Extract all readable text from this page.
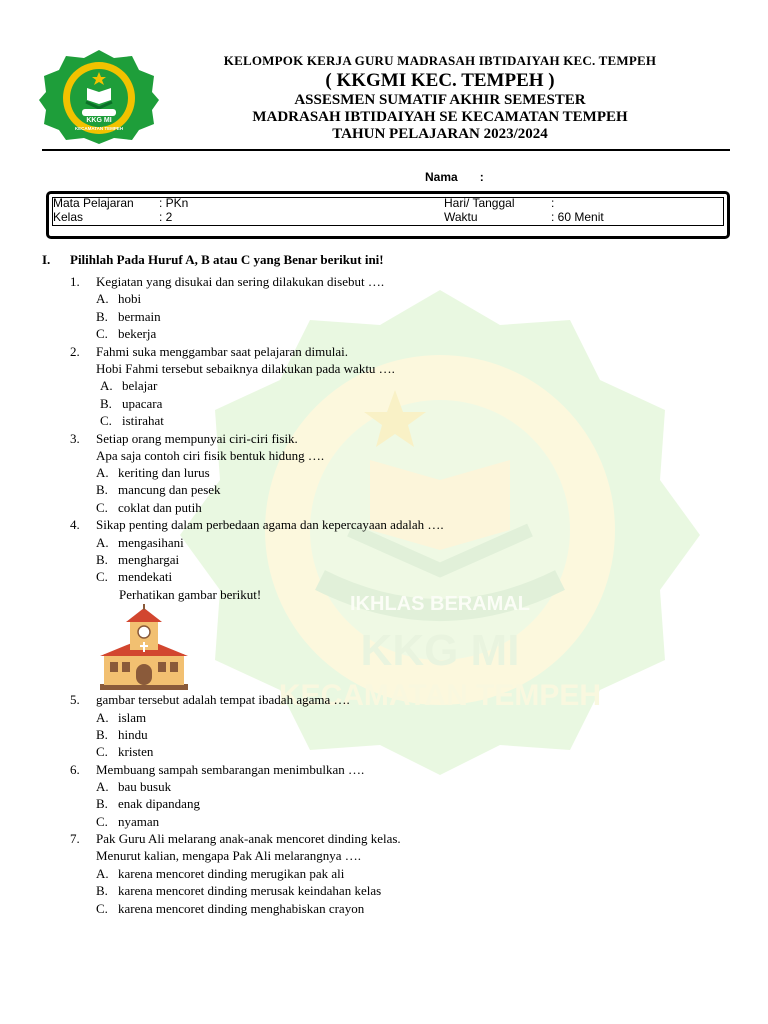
IKHLAS BERAMAL
KKG MI
KECAMATAN TEMPEH
KKG MI
KECAMATAN TEMPEH
KELOMPOK KERJA GURU MADRASAH IBTIDAIYAH KEC. TEMPEH
( KKGMI KEC. TEMPEH )
ASSESMEN SUMATIF AKHIR SEMESTER
MADRASAH IBTIDAIYAH SE KECAMATAN TEMPEH
TAHUN PELAJARAN 2023/2024
Nama :
Mata Pelajaran : PKn
Kelas	: 2
Hari/ Tanggal	:
Waktu	: 60 Menit
I. Pilihlah Pada Huruf A, B atau C yang Benar berikut ini!
1. Kegiatan yang disukai dan sering dilakukan disebut ….
A. hobi
B. bermain
C. bekerja
2. Fahmi suka menggambar saat pelajaran dimulai.
Hobi Fahmi tersebut sebaiknya dilakukan pada waktu ….
A. belajar
B. upacara
C. istirahat
3. Setiap orang mempunyai ciri-ciri fisik.
Apa saja contoh ciri fisik bentuk hidung ….
A. keriting dan lurus
B. mancung dan pesek
C. coklat dan putih
4. Sikap penting dalam perbedaan agama dan kepercayaan adalah ….
A. mengasihani
B. menghargai
C. mendekati
Perhatikan gambar berikut!
5. gambar tersebut adalah tempat ibadah agama ….
A. islam
B. hindu
C. kristen
6. Membuang sampah sembarangan menimbulkan ….
A. bau busuk
B. enak dipandang
C. nyaman
7. Pak Guru Ali melarang anak-anak mencoret dinding kelas.
Menurut kalian, mengapa Pak Ali melarangnya ….
A. karena mencoret dinding merugikan pak ali
B. karena mencoret dinding merusak keindahan kelas
C. karena mencoret dinding menghabiskan crayon
